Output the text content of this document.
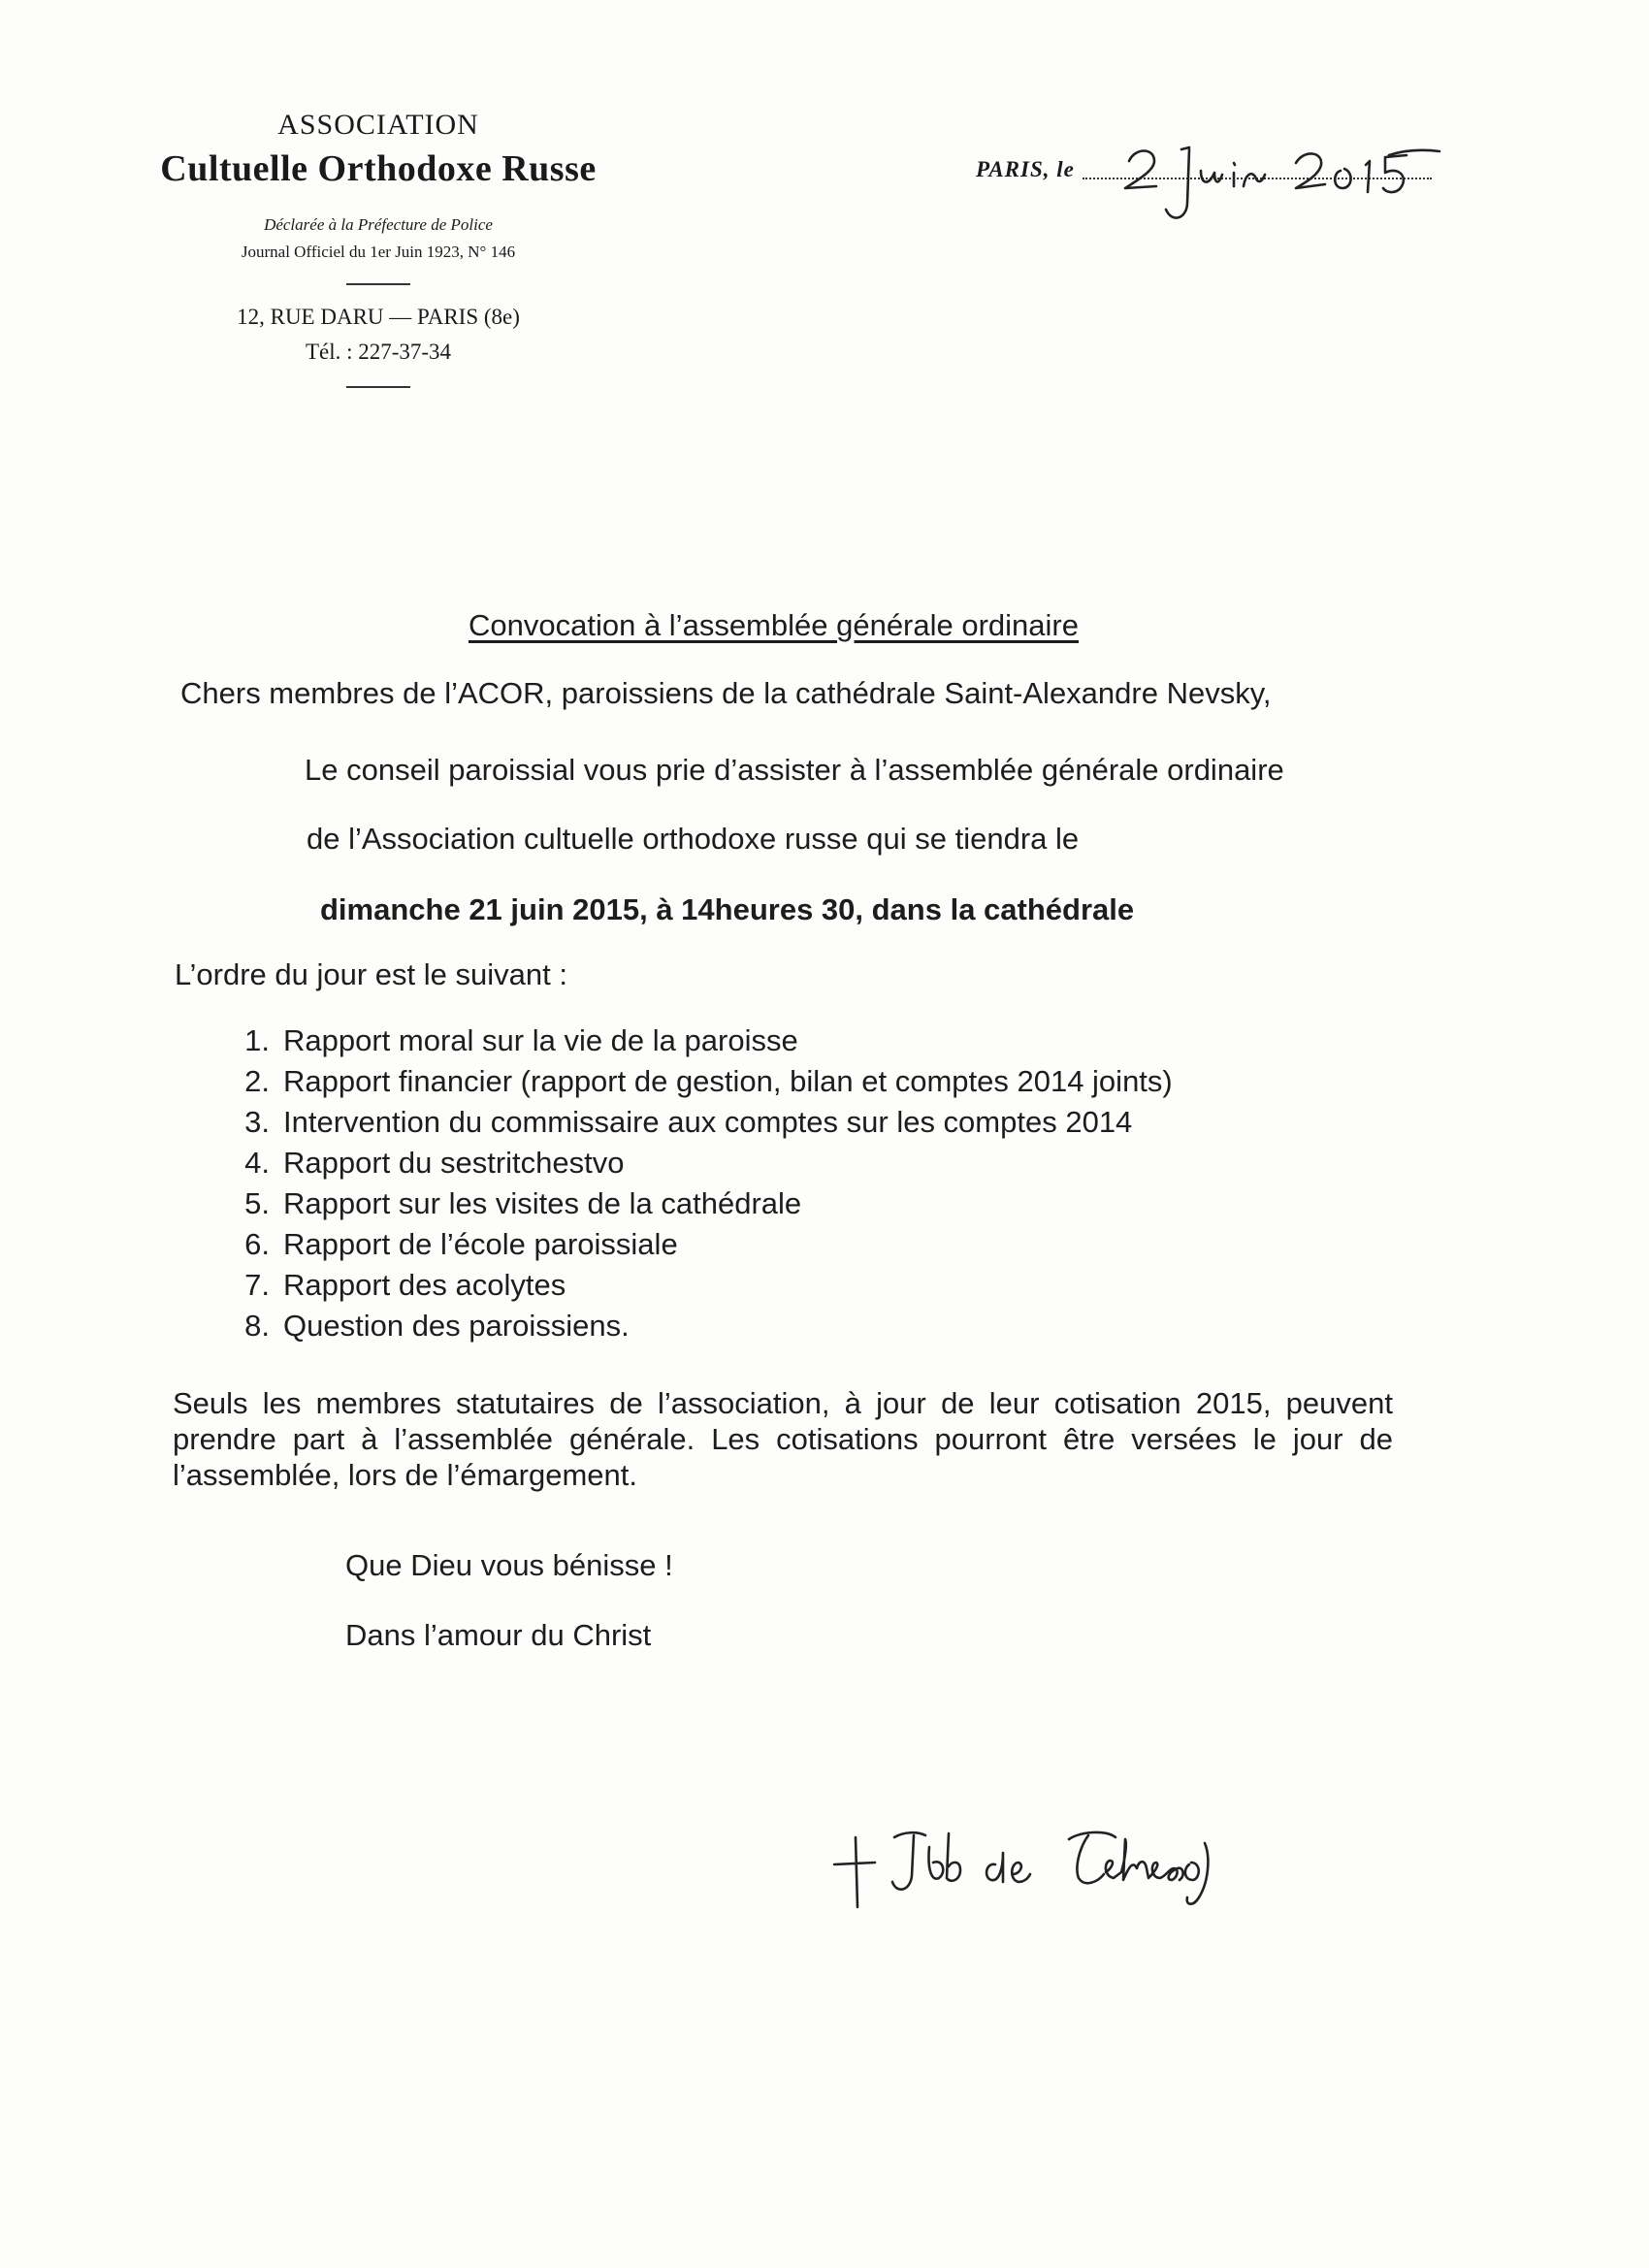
ASSOCIATION
Cultuelle Orthodoxe Russe
Déclarée à la Préfecture de Police
Journal Officiel du 1er Juin 1923, N° 146
12, RUE DARU — PARIS (8e)
Tél. : 227-37-34
PARIS, le
Convocation à l’assemblée générale ordinaire
Chers membres de l’ACOR, paroissiens de la cathédrale Saint-Alexandre Nevsky,
Le conseil paroissial vous prie d’assister à l’assemblée générale ordinaire
de l’Association cultuelle orthodoxe russe qui se tiendra le
dimanche 21 juin 2015, à 14heures 30, dans la cathédrale
L’ordre du jour est le suivant :
1. Rapport moral sur la vie de la paroisse
2. Rapport financier (rapport de gestion, bilan et comptes 2014 joints)
3. Intervention du commissaire aux comptes sur les comptes 2014
4. Rapport du sestritchestvo
5. Rapport sur les visites de la cathédrale
6. Rapport de l’école paroissiale
7. Rapport des acolytes
8. Question des paroissiens.
Seuls les membres statutaires de l’association, à jour de leur cotisation 2015, peuvent prendre part à l’assemblée générale. Les cotisations pourront être versées le jour de l’assemblée, lors de l’émargement.
Que Dieu vous bénisse !
Dans l’amour du Christ
